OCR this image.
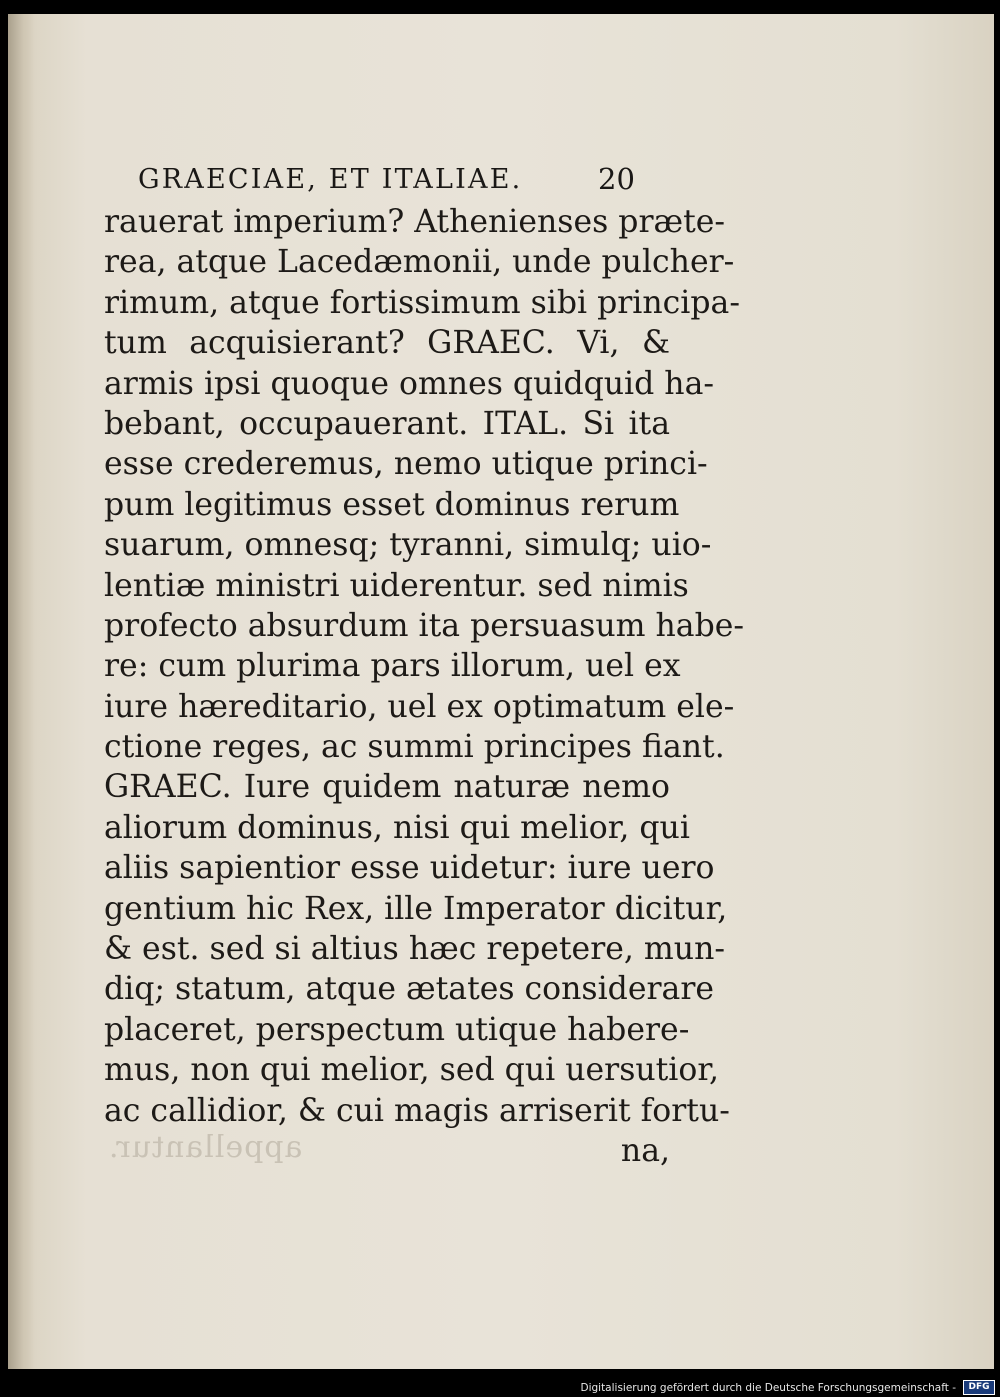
GRAECIAE, ET ITALIAE.	20
rauerat imperium? Athenienses præte-
rea, atque Lacedæmonii, unde pulcher-
rimum, atque fortissimum sibi principa-
tum acquisierant? GRAEC. Vi, &
armis ipsi quoque omnes quidquid ha-
bebant, occupauerant. ITAL. Si ita
esse crederemus, nemo utique princi-
pum legitimus esset dominus rerum
suarum, omnesq; tyranni, simulq; uio-
lentiæ ministri uiderentur. sed nimis
profecto absurdum ita persuasum habe-
re: cum plurima pars illorum, uel ex
iure hæreditario, uel ex optimatum ele-
ctione reges, ac summi principes fiant.
GRAEC. Iure quidem naturæ nemo
aliorum dominus, nisi qui melior, qui
aliis sapientior esse uidetur: iure uero
gentium hic Rex, ille Imperator dicitur,
& est. sed si altius hæc repetere, mun-
diq; statum, atque ætates considerare
placeret, perspectum utique habere-
mus, non qui melior, sed qui uersutior,
ac callidior, & cui magis arriserit fortu-
na,
appellantur.
Digitalisierung gefördert durch die Deutsche Forschungsgemeinschaft -	DFG
